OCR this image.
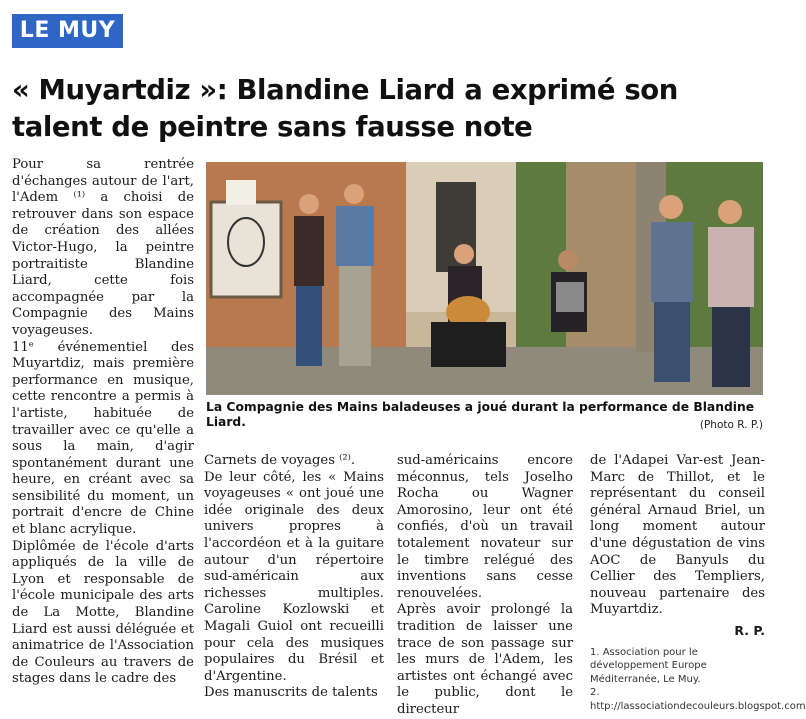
LE MUY
« Muyartdiz »: Blandine Liard a exprimé son talent de peintre sans fausse note

Pour sa rentrée d'échanges autour de l'art, l'Adem ⁽¹⁾ a choisi de retrouver dans son espace de création des allées Victor-Hugo, la peintre portraitiste Blandine Liard, cette fois accompagnée par la Compagnie des Mains voyageuses.

11ᵉ événementiel des Muyartdiz, mais première performance en musique, cette rencontre a permis à l'artiste, habituée de travailler avec ce qu'elle a sous la main, d'agir spontanément durant une heure, en créant avec sa sensibilité du moment, un portrait d'encre de Chine et blanc acrylique.

Diplômée de l'école d'arts appliqués de la ville de Lyon et responsable de l'école municipale des arts de La Motte, Blandine Liard est aussi déléguée et animatrice de l'Association de Couleurs au travers de stages dans le cadre des

La Compagnie des Mains baladeuses a joué durant la performance de Blandine Liard.	(Photo R. P.)

Carnets de voyages ⁽²⁾.

De leur côté, les « Mains voyageuses « ont joué une idée originale des deux univers propres à l'accordéon et à la guitare autour d'un répertoire sud-américain aux richesses multiples. Caroline Kozlowski et Magali Guiol ont recueilli pour cela des musiques populaires du Brésil et d'Argentine.

Des manuscrits de talents

sud-américains encore méconnus, tels Joselho Rocha ou Wagner Amorosino, leur ont été confiés, d'où un travail totalement novateur sur le timbre relégué des inventions sans cesse renouvelées.

Après avoir prolongé la tradition de laisser une trace de son passage sur les murs de l'Adem, les artistes ont échangé avec le public, dont le directeur

de l'Adapei Var-est Jean-Marc de Thillot, et le représentant du conseil général Arnaud Briel, un long moment autour d'une dégustation de vins AOC de Banyuls du Cellier des Templiers, nouveau partenaire des Muyartdiz.

R. P.

1. Association pour le développement Europe Méditerranée, Le Muy.

2. http://lassociationdecouleurs.blogspot.com
